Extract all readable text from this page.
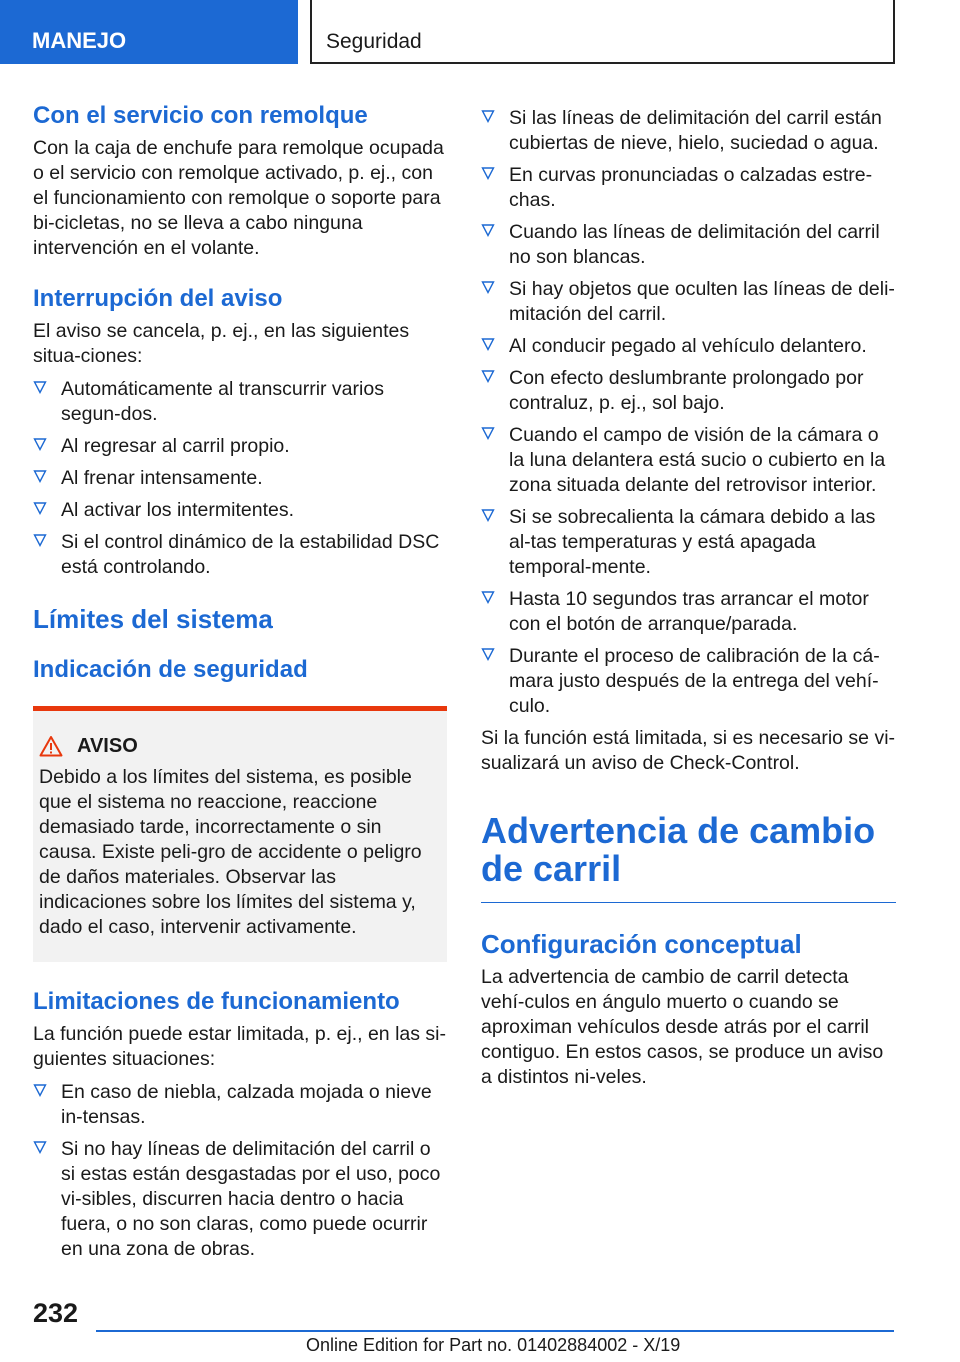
MANEJO	Seguridad
Con el servicio con remolque

Con la caja de enchufe para remolque ocupada o el servicio con remolque activado, p. ej., con el funcionamiento con remolque o soporte para bi-cicletas, no se lleva a cabo ninguna intervención en el volante.

Interrupción del aviso

El aviso se cancela, p. ej., en las siguientes situa-ciones:

Automáticamente al transcurrir varios segun-dos.
Al regresar al carril propio.
Al frenar intensamente.
Al activar los intermitentes.
Si el control dinámico de la estabilidad DSC está controlando.
Límites del sistema
Indicación de seguridad
AVISO

Debido a los límites del sistema, es posible que el sistema no reaccione, reaccione demasiado tarde, incorrectamente o sin causa. Existe peli-gro de accidente o peligro de daños materiales. Observar las indicaciones sobre los límites del sistema y, dado el caso, intervenir activamente.

Limitaciones de funcionamiento

La función puede estar limitada, p. ej., en las si-guientes situaciones:

En caso de niebla, calzada mojada o nieve in-tensas.
Si no hay líneas de delimitación del carril o si estas están desgastadas por el uso, poco vi-sibles, discurren hacia dentro o hacia fuera, o no son claras, como puede ocurrir en una zona de obras.
Si las líneas de delimitación del carril están cubiertas de nieve, hielo, suciedad o agua.
En curvas pronunciadas o calzadas estre-chas.
Cuando las líneas de delimitación del carril no son blancas.
Si hay objetos que oculten las líneas de deli-mitación del carril.
Al conducir pegado al vehículo delantero.
Con efecto deslumbrante prolongado por contraluz, p. ej., sol bajo.
Cuando el campo de visión de la cámara o la luna delantera está sucio o cubierto en la zona situada delante del retrovisor interior.
Si se sobrecalienta la cámara debido a las al-tas temperaturas y está apagada temporal-mente.
Hasta 10 segundos tras arrancar el motor con el botón de arranque/parada.
Durante el proceso de calibración de la cá-mara justo después de la entrega del vehí-culo.

Si la función está limitada, si es necesario se vi-sualizará un aviso de Check-Control.

Advertencia de cambio de carril
Configuración conceptual

La advertencia de cambio de carril detecta vehí-culos en ángulo muerto o cuando se aproximan vehículos desde atrás por el carril contiguo. En estos casos, se produce un aviso a distintos ni-veles.

232
Online Edition for Part no. 01402884002 - X/19
